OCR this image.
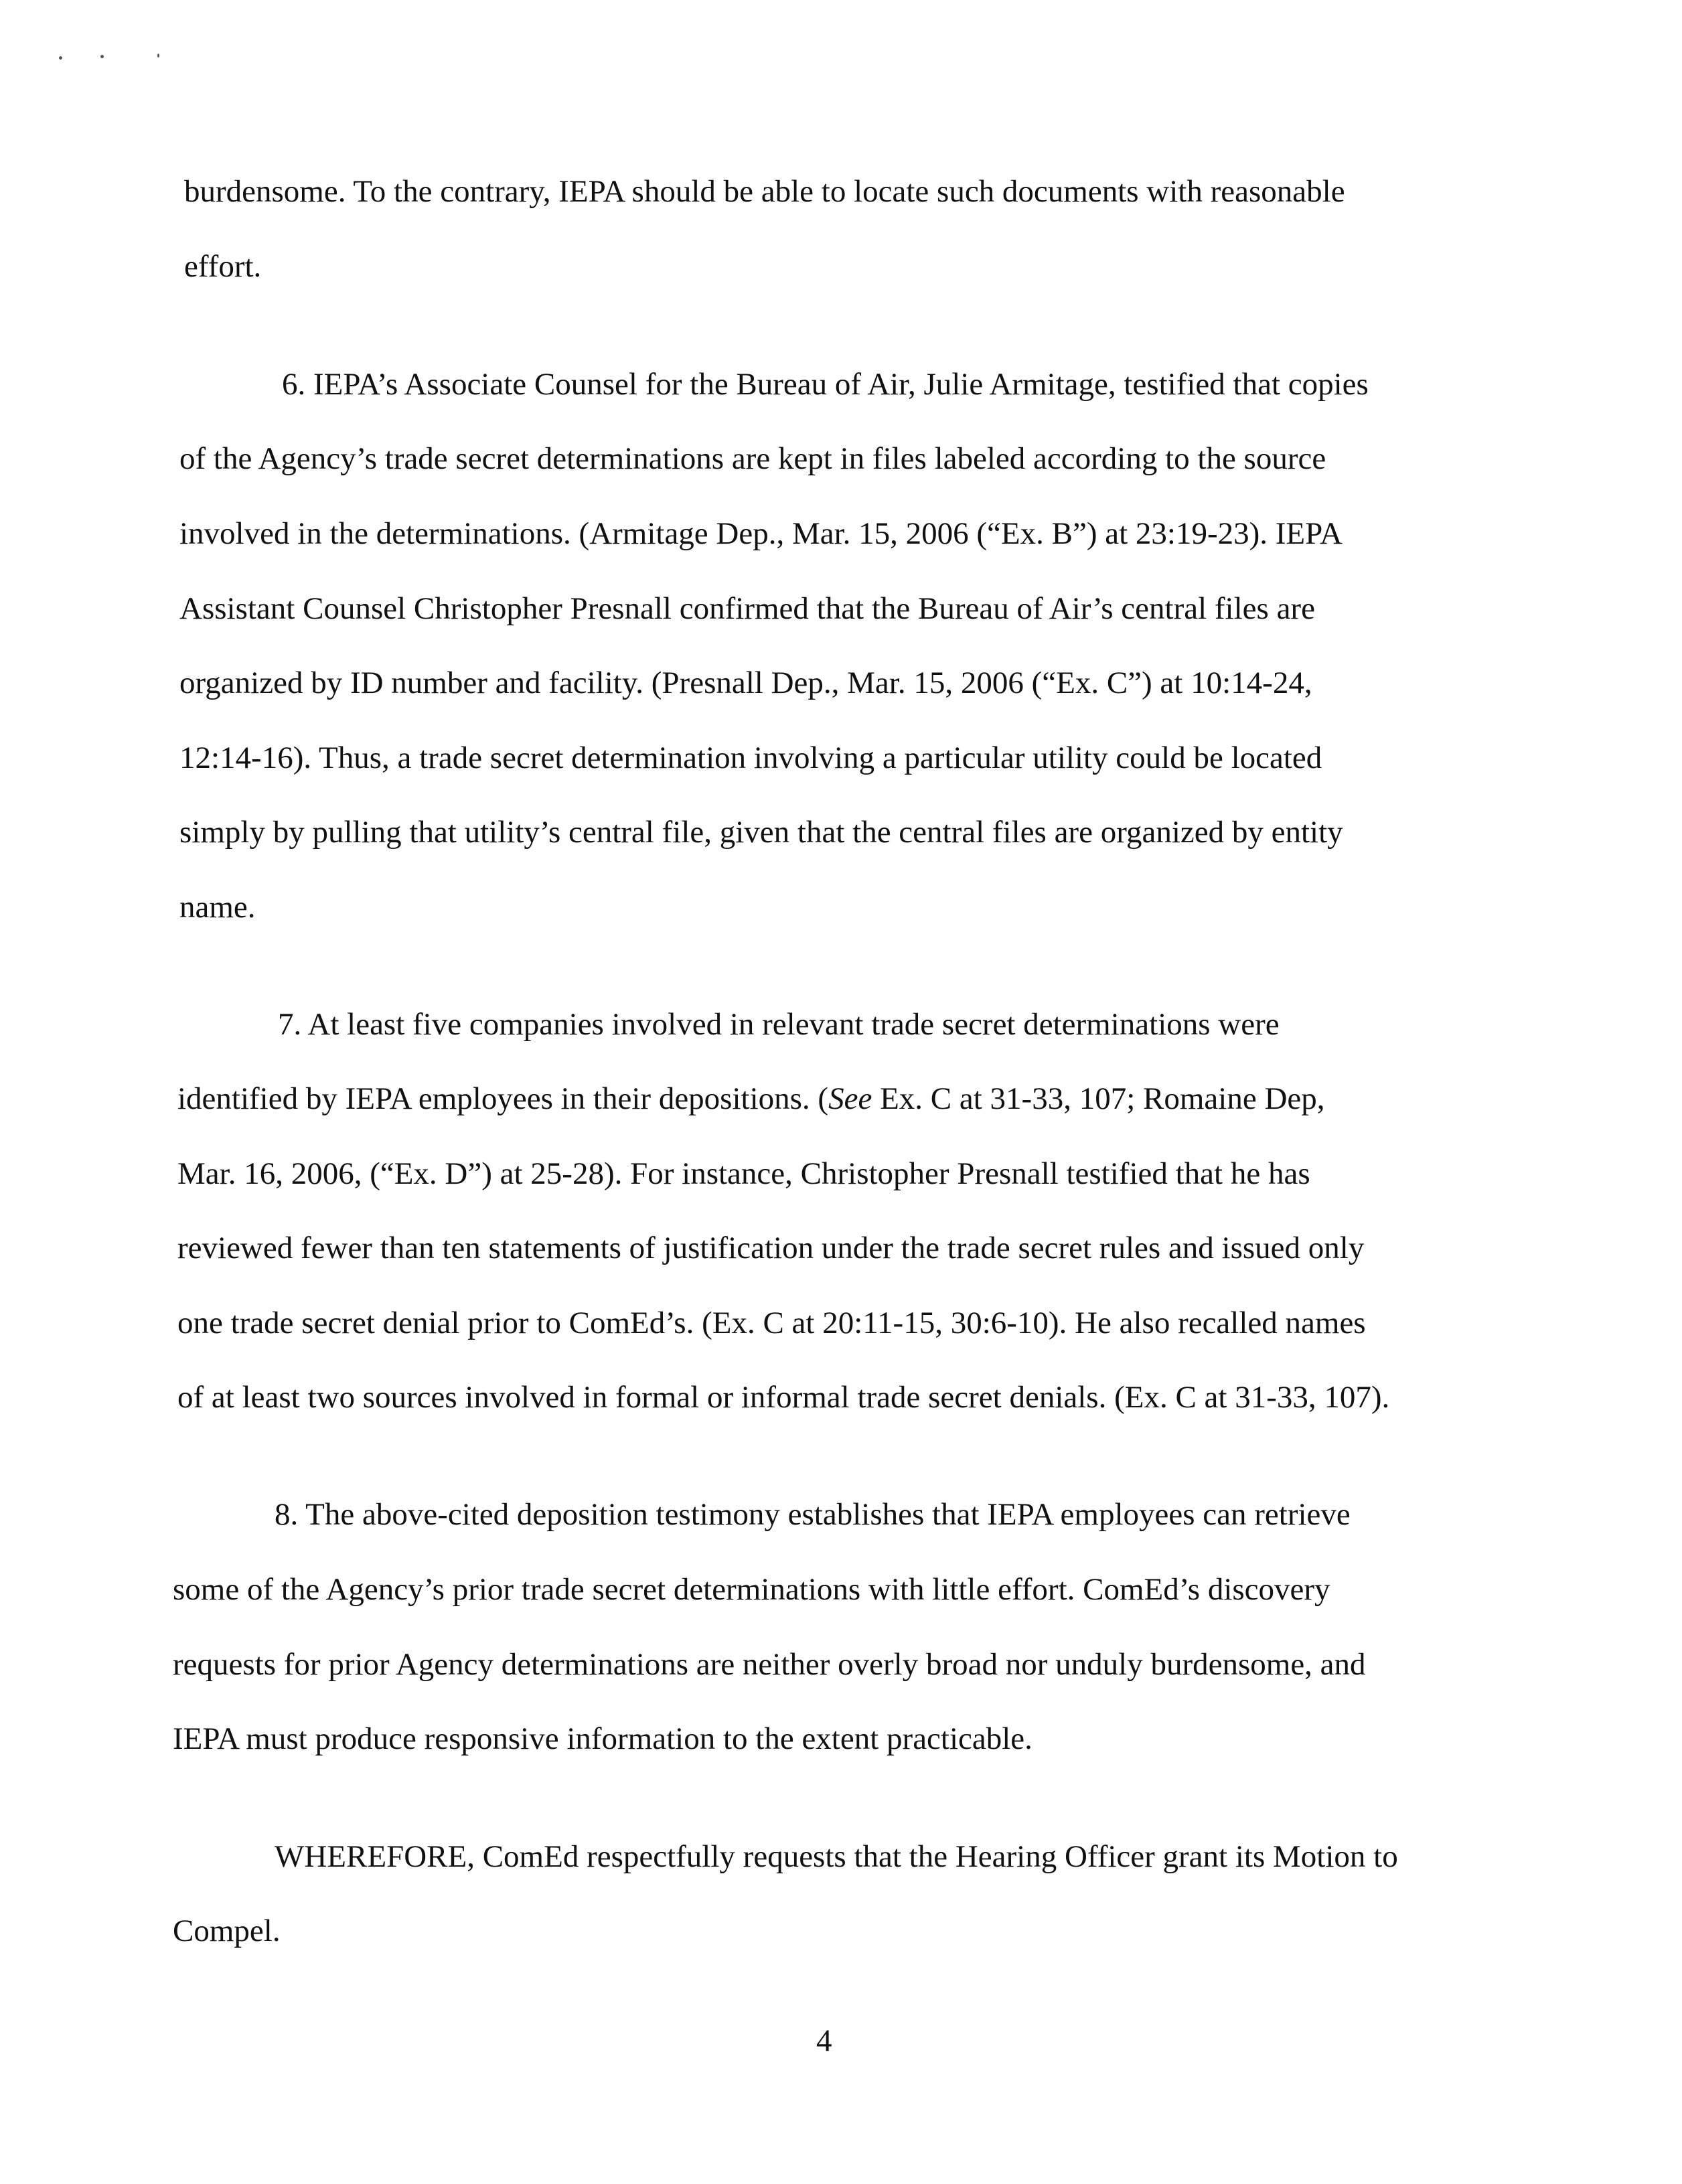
burdensome. To the contrary, IEPA should be able to locate such documents with reasonable
effort.
6. IEPA’s Associate Counsel for the Bureau of Air, Julie Armitage, testified that copies
of the Agency’s trade secret determinations are kept in files labeled according to the source
involved in the determinations. (Armitage Dep., Mar. 15, 2006 (“Ex. B”) at 23:19-23). IEPA
Assistant Counsel Christopher Presnall confirmed that the Bureau of Air’s central files are
organized by ID number and facility. (Presnall Dep., Mar. 15, 2006 (“Ex. C”) at 10:14-24,
12:14-16). Thus, a trade secret determination involving a particular utility could be located
simply by pulling that utility’s central file, given that the central files are organized by entity
name.
7. At least five companies involved in relevant trade secret determinations were
identified by IEPA employees in their depositions. (See Ex. C at 31-33, 107; Romaine Dep,
Mar. 16, 2006, (“Ex. D”) at 25-28). For instance, Christopher Presnall testified that he has
reviewed fewer than ten statements of justification under the trade secret rules and issued only
one trade secret denial prior to ComEd’s. (Ex. C at 20:11-15, 30:6-10). He also recalled names
of at least two sources involved in formal or informal trade secret denials. (Ex. C at 31-33, 107).
8. The above-cited deposition testimony establishes that IEPA employees can retrieve
some of the Agency’s prior trade secret determinations with little effort. ComEd’s discovery
requests for prior Agency determinations are neither overly broad nor unduly burdensome, and
IEPA must produce responsive information to the extent practicable.
WHEREFORE, ComEd respectfully requests that the Hearing Officer grant its Motion to
Compel.
4
